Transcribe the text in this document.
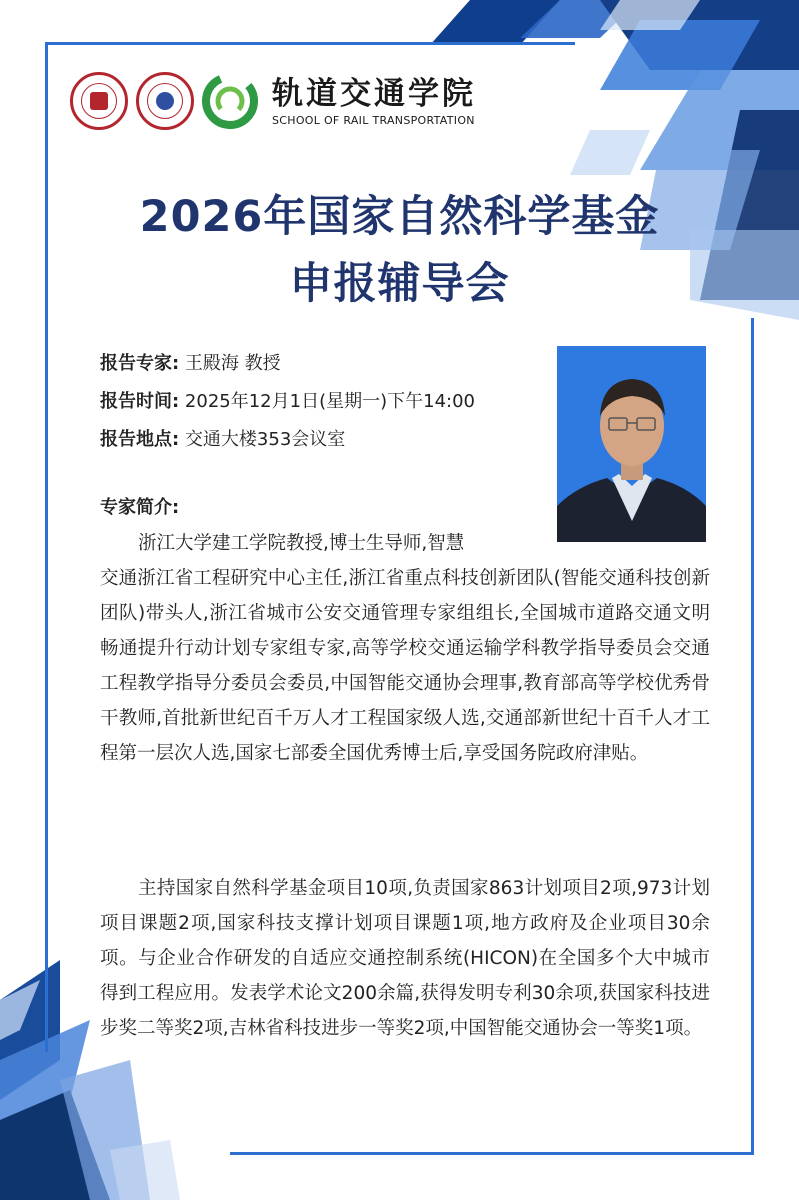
轨道交通学院
SCHOOL OF RAIL TRANSPORTATION
2026年国家自然科学基金
申报辅导会
报告专家: 王殿海 教授
报告时间: 2025年12月1日(星期一)下午14:00
报告地点: 交通大楼353会议室
专家简介:
浙江大学建工学院教授,博士生导师,智慧
交通浙江省工程研究中心主任,浙江省重点科技创新团队(智能交通科技创新团队)带头人,浙江省城市公安交通管理专家组组长,全国城市道路交通文明畅通提升行动计划专家组专家,高等学校交通运输学科教学指导委员会交通工程教学指导分委员会委员,中国智能交通协会理事,教育部高等学校优秀骨干教师,首批新世纪百千万人才工程国家级人选,交通部新世纪十百千人才工程第一层次人选,国家七部委全国优秀博士后,享受国务院政府津贴。
主持国家自然科学基金项目10项,负责国家863计划项目2项,973计划项目课题2项,国家科技支撑计划项目课题1项,地方政府及企业项目30余项。与企业合作研发的自适应交通控制系统(HICON)在全国多个大中城市得到工程应用。发表学术论文200余篇,获得发明专利30余项,获国家科技进步奖二等奖2项,吉林省科技进步一等奖2项,中国智能交通协会一等奖1项。
